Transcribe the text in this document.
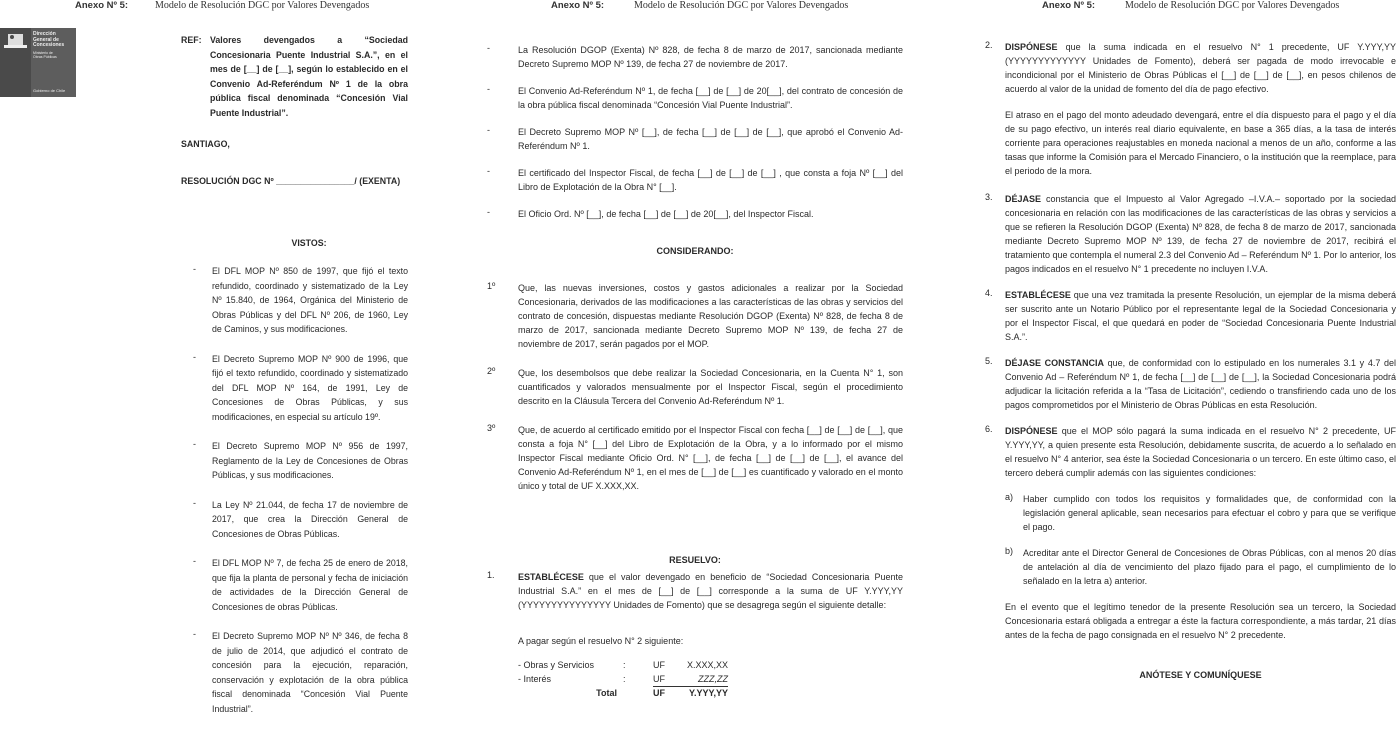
Anexo Nº 5:	Modelo de Resolución DGC por Valores Devengados
Dirección
General de
Concesiones
Ministerio de
Obras Públicas
Gobierno de Chile
REF: Valores devengados a “Sociedad Concesionaria Puente Industrial S.A.”, en el mes de [__] de [__], según lo establecido en el Convenio Ad-Referéndum Nº 1 de la obra pública fiscal denominada “Concesión Vial Puente Industrial”.
SANTIAGO,
RESOLUCIÓN DGC Nº ________________/ (EXENTA)
VISTOS:
- El DFL MOP Nº 850 de 1997, que fijó el texto refundido, coordinado y sistematizado de la Ley Nº 15.840, de 1964, Orgánica del Ministerio de Obras Públicas y del DFL Nº 206, de 1960, Ley de Caminos, y sus modificaciones.
- El Decreto Supremo MOP Nº 900 de 1996, que fijó el texto refundido, coordinado y sistematizado del DFL MOP Nº 164, de 1991, Ley de Concesiones de Obras Públicas, y sus modificaciones, en especial su artículo 19º.
- El Decreto Supremo MOP Nº 956 de 1997, Reglamento de la Ley de Concesiones de Obras Públicas, y sus modificaciones.
- La Ley Nº 21.044, de fecha 17 de noviembre de 2017, que crea la Dirección General de Concesiones de Obras Públicas.
- El DFL MOP Nº 7, de fecha 25 de enero de 2018, que fija la planta de personal y fecha de iniciación de actividades de la Dirección General de Concesiones de obras Públicas.
- El Decreto Supremo MOP Nº Nº 346, de fecha 8 de julio de 2014, que adjudicó el contrato de concesión para la ejecución, reparación, conservación y explotación de la obra pública fiscal denominada “Concesión Vial Puente Industrial”.
Anexo Nº 5:	Modelo de Resolución DGC por Valores Devengados
-	La Resolución DGOP (Exenta) Nº 828, de fecha 8 de marzo de 2017, sancionada mediante Decreto Supremo MOP Nº 139, de fecha 27 de noviembre de 2017.
-	El Convenio Ad-Referéndum Nº 1, de fecha [__] de [__] de 20[__], del contrato de concesión de la obra pública fiscal denominada “Concesión Vial Puente Industrial”.
-	El Decreto Supremo MOP Nº [__], de fecha [__] de [__] de [__], que aprobó el Convenio Ad-Referéndum Nº 1.
-	El certificado del Inspector Fiscal, de fecha [__] de [__] de [__] , que consta a foja Nº [__] del Libro de Explotación de la Obra N° [__].
-	El Oficio Ord. Nº [__], de fecha [__] de [__] de 20[__], del Inspector Fiscal.
CONSIDERANDO:
1º	Que, las nuevas inversiones, costos y gastos adicionales a realizar por la Sociedad Concesionaria, derivados de las modificaciones a las características de las obras y servicios del contrato de concesión, dispuestas mediante Resolución DGOP (Exenta) Nº 828, de fecha 8 de marzo de 2017, sancionada mediante Decreto Supremo MOP Nº 139, de fecha 27 de noviembre de 2017, serán pagados por el MOP.
2º	Que, los desembolsos que debe realizar la Sociedad Concesionaria, en la Cuenta N° 1, son cuantificados y valorados mensualmente por el Inspector Fiscal, según el procedimiento descrito en la Cláusula Tercera del Convenio Ad-Referéndum Nº 1.
3º	Que, de acuerdo al certificado emitido por el Inspector Fiscal con fecha [__] de [__] de [__], que consta a foja N° [__] del Libro de Explotación de la Obra, y a lo informado por el mismo Inspector Fiscal mediante Oficio Ord. N° [__], de fecha [__] de [__] de [__], el avance del Convenio Ad-Referéndum Nº 1, en el mes de [__] de [__] es cuantificado y valorado en el monto único y total de UF X.XXX,XX.
RESUELVO:
1.	ESTABLÉCESE que el valor devengado en beneficio de “Sociedad Concesionaria Puente Industrial S.A.” en el mes de [__] de [__] corresponde a la suma de UF Y.YYY,YY (YYYYYYYYYYYYYYY Unidades de Fomento) que se desagrega según el siguiente detalle:
A pagar según el resuelvo N° 2 siguiente:
- Obras y Servicios	:	UF	X.XXX,XX
- Interés	:	UF	ZZZ,ZZ
Total		UF	Y.YYY,YY
Anexo Nº 5:	Modelo de Resolución DGC por Valores Devengados
2. DISPÓNESE que la suma indicada en el resuelvo N° 1 precedente, UF Y.YYY,YY (YYYYYYYYYYYYY Unidades de Fomento), deberá ser pagada de modo irrevocable e incondicional por el Ministerio de Obras Públicas el [__] de [__] de [__], en pesos chilenos de acuerdo al valor de la unidad de fomento del día de pago efectivo.
El atraso en el pago del monto adeudado devengará, entre el día dispuesto para el pago y el día de su pago efectivo, un interés real diario equivalente, en base a 365 días, a la tasa de interés corriente para operaciones reajustables en moneda nacional a menos de un año, conforme a las tasas que informe la Comisión para el Mercado Financiero, o la institución que la reemplace, para el periodo de la mora.
3. DÉJASE constancia que el Impuesto al Valor Agregado –I.V.A.– soportado por la sociedad concesionaria en relación con las modificaciones de las características de las obras y servicios a que se refieren la Resolución DGOP (Exenta) Nº 828, de fecha 8 de marzo de 2017, sancionada mediante Decreto Supremo MOP Nº 139, de fecha 27 de noviembre de 2017, recibirá el tratamiento que contempla el numeral 2.3 del Convenio Ad – Referéndum Nº 1. Por lo anterior, los pagos indicados en el resuelvo N° 1 precedente no incluyen I.V.A.
4. ESTABLÉCESE que una vez tramitada la presente Resolución, un ejemplar de la misma deberá ser suscrito ante un Notario Público por el representante legal de la Sociedad Concesionaria y por el Inspector Fiscal, el que quedará en poder de “Sociedad Concesionaria Puente Industrial S.A.”.
5. DÉJASE CONSTANCIA que, de conformidad con lo estipulado en los numerales 3.1 y 4.7 del Convenio Ad – Referéndum Nº 1, de fecha [__] de [__] de [__], la Sociedad Concesionaria podrá adjudicar la licitación referida a la “Tasa de Licitación”, cediendo o transfiriendo cada uno de los pagos comprometidos por el Ministerio de Obras Públicas en esta Resolución.
6. DISPÓNESE que el MOP sólo pagará la suma indicada en el resuelvo N° 2 precedente, UF Y.YYY,YY, a quien presente esta Resolución, debidamente suscrita, de acuerdo a lo señalado en el resuelvo N° 4 anterior, sea éste la Sociedad Concesionaria o un tercero. En este último caso, el tercero deberá cumplir además con las siguientes condiciones:
a) Haber cumplido con todos los requisitos y formalidades que, de conformidad con la legislación general aplicable, sean necesarios para efectuar el cobro y para que se verifique el pago.
b) Acreditar ante el Director General de Concesiones de Obras Públicas, con al menos 20 días de antelación al día de vencimiento del plazo fijado para el pago, el cumplimiento de lo señalado en la letra a) anterior.
En el evento que el legítimo tenedor de la presente Resolución sea un tercero, la Sociedad Concesionaria estará obligada a entregar a éste la factura correspondiente, a más tardar, 21 días antes de la fecha de pago consignada en el resuelvo N° 2 precedente.
ANÓTESE Y COMUNÍQUESE
